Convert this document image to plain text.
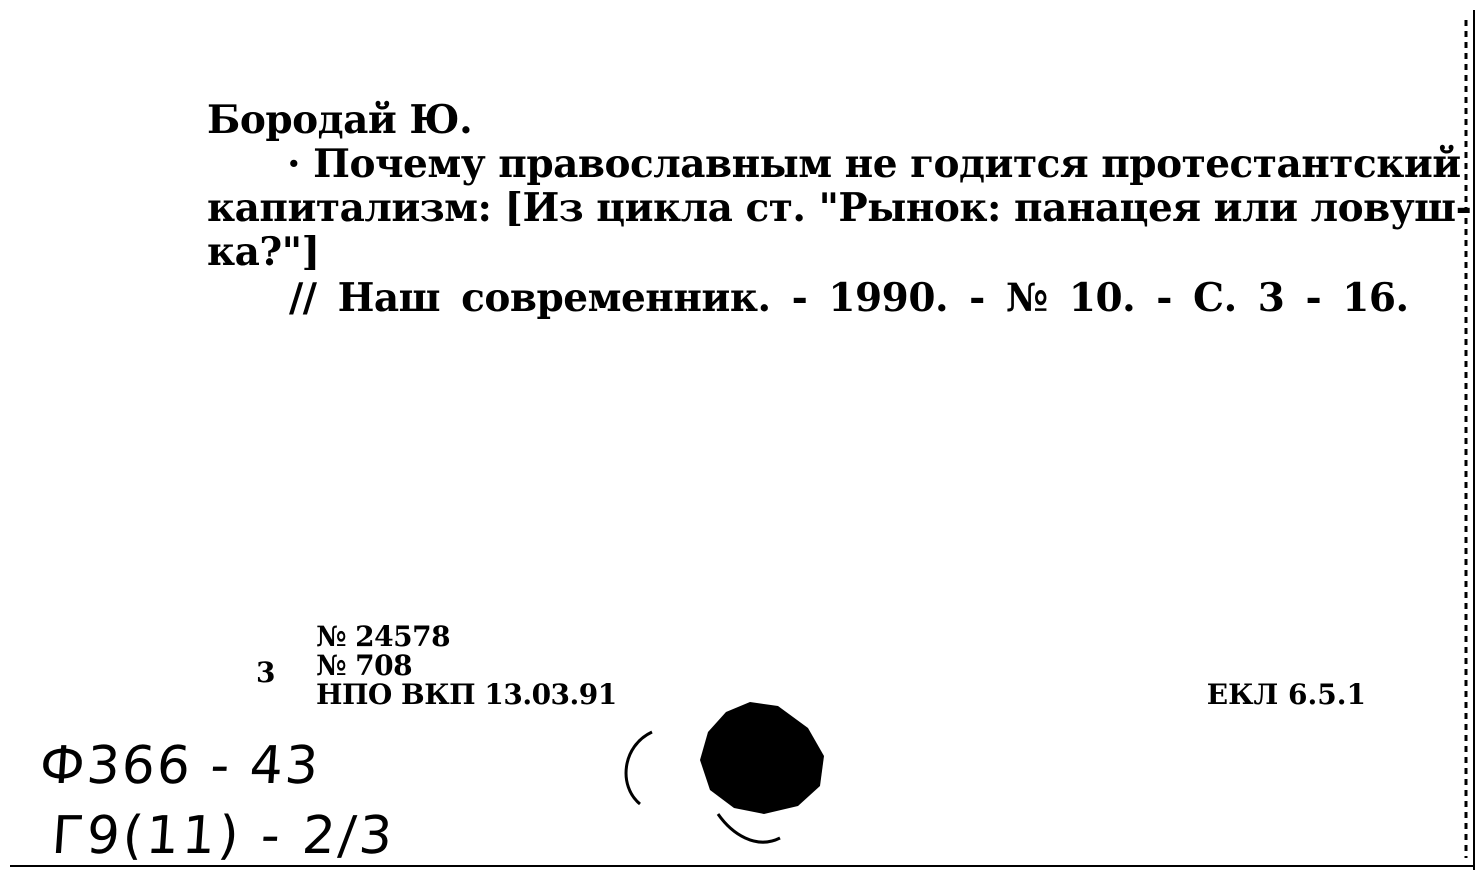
Бородай Ю.
· Почему православным не годится протестантский
капитализм: [Из цикла ст. "Рынок: панацея или ловуш-
ка?"]
// Наш современник. - 1990. - № 10. - С. 3 - 16.
3
№ 24578
№ 708
НПО ВКП 13.03.91	ЕКЛ 6.5.1
Ф366 - 43
Г9(11) - 2/3
